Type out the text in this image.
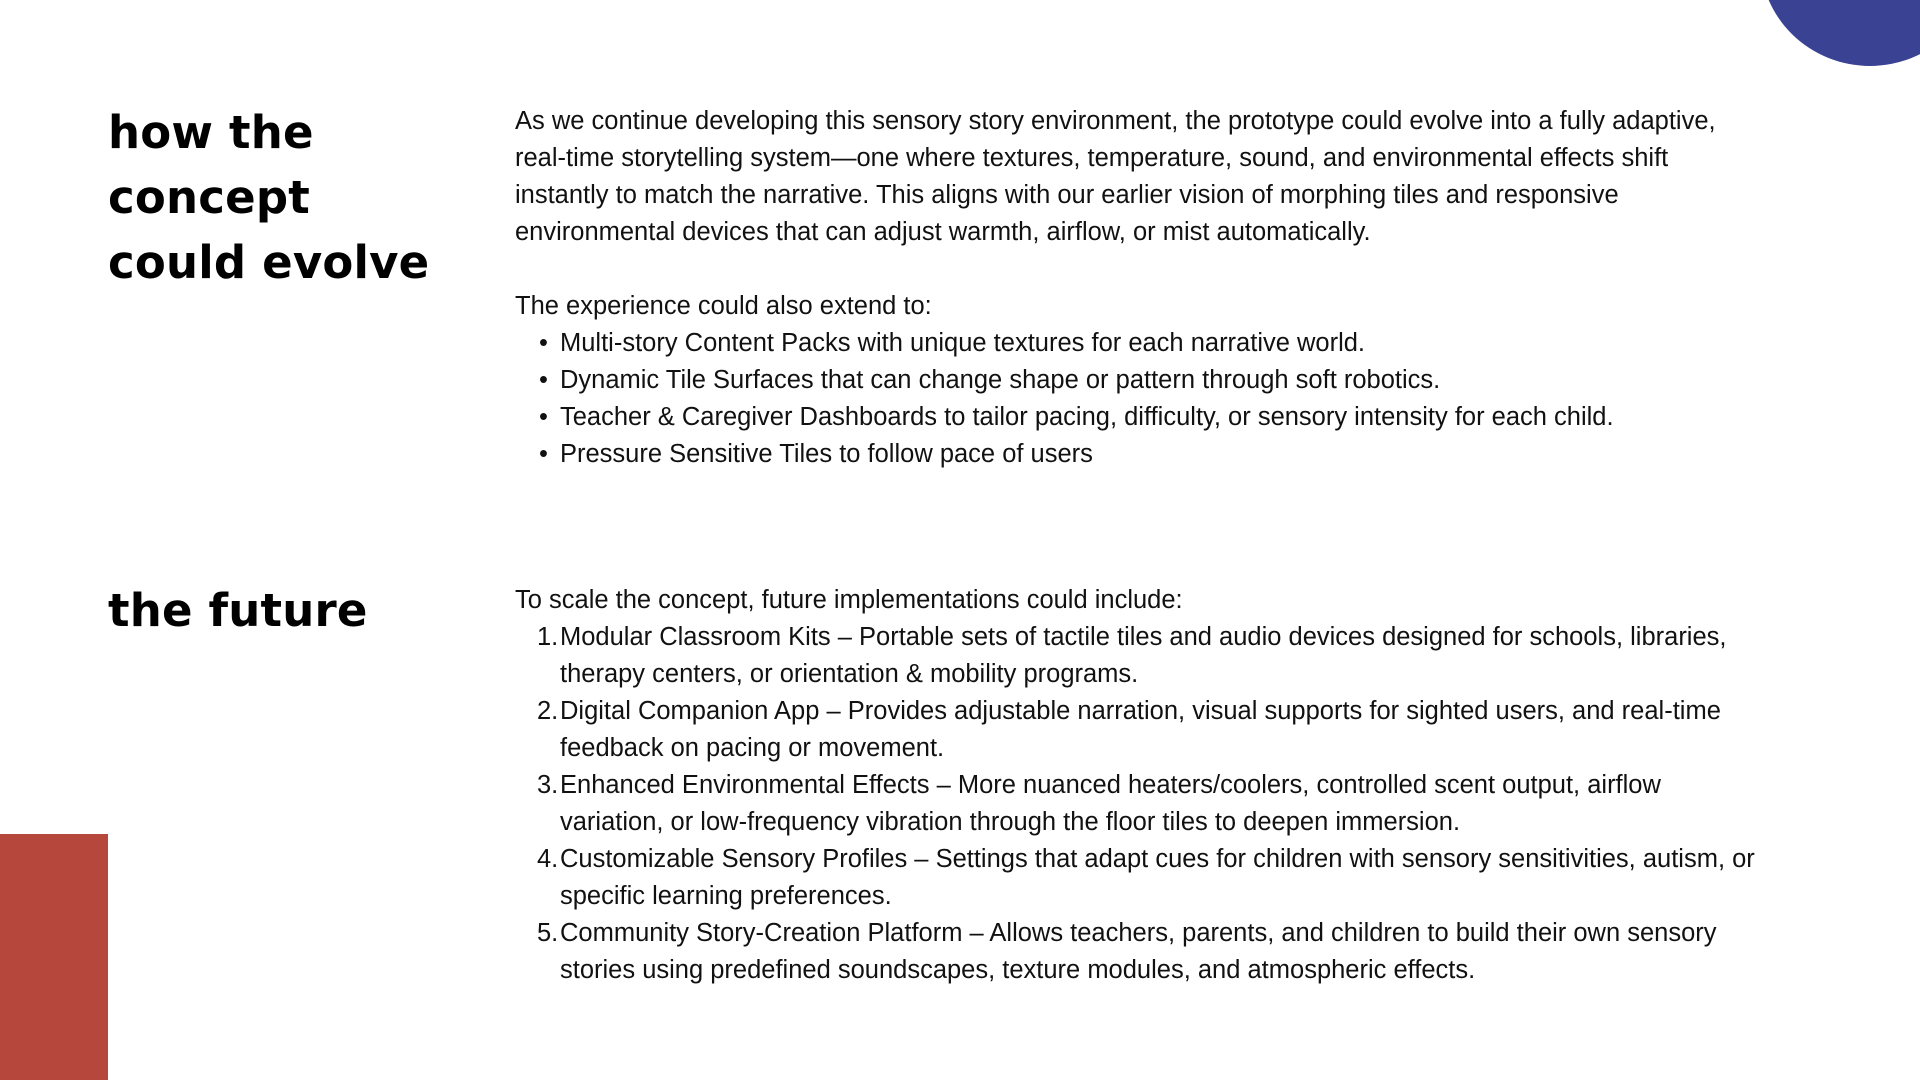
how the
concept
could evolve

As we continue developing this sensory story environment, the prototype could evolve into a fully adaptive, real-time storytelling system—one where textures, temperature, sound, and environmental effects shift instantly to match the narrative. This aligns with our earlier vision of morphing tiles and responsive environmental devices that can adjust warmth, airflow, or mist automatically.

The experience could also extend to:

• Multi-story Content Packs with unique textures for each narrative world.
• Dynamic Tile Surfaces that can change shape or pattern through soft robotics.
• Teacher & Caregiver Dashboards to tailor pacing, difficulty, or sensory intensity for each child.
• Pressure Sensitive Tiles to follow pace of users
the future	To scale the concept, future implementations could include:

1. Modular Classroom Kits – Portable sets of tactile tiles and audio devices designed for schools, libraries, therapy centers, or orientation & mobility programs.
2. Digital Companion App – Provides adjustable narration, visual supports for sighted users, and real-time feedback on pacing or movement.
3. Enhanced Environmental Effects – More nuanced heaters/coolers, controlled scent output, airflow variation, or low-frequency vibration through the floor tiles to deepen immersion.
4. Customizable Sensory Profiles – Settings that adapt cues for children with sensory sensitivities, autism, or specific learning preferences.
5. Community Story-Creation Platform – Allows teachers, parents, and children to build their own sensory stories using predefined soundscapes, texture modules, and atmospheric effects.
